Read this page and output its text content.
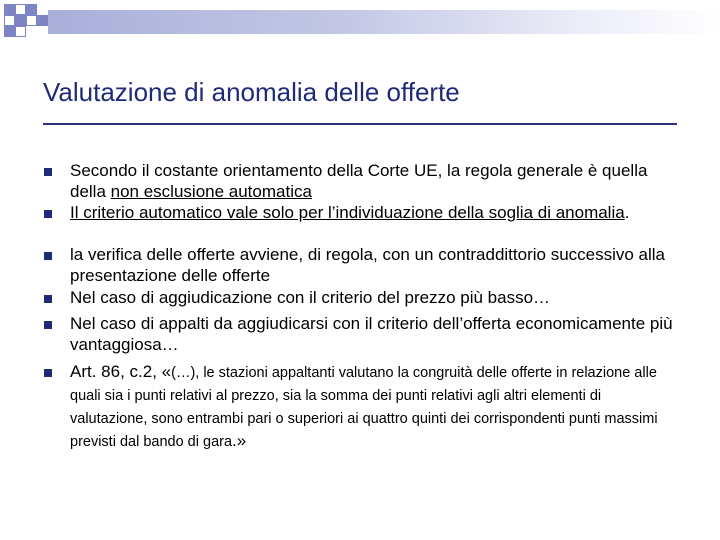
Valutazione di anomalia delle offerte
Secondo il costante orientamento della Corte UE, la regola generale è quella della non esclusione automatica
Il criterio automatico vale solo per l’individuazione della soglia di anomalia.
la verifica delle offerte avviene, di regola, con un contraddittorio successivo alla presentazione delle offerte
Nel caso di aggiudicazione con il criterio del prezzo più basso…
Nel caso di appalti da aggiudicarsi con il criterio dell’offerta economicamente più vantaggiosa…
Art. 86, c.2, «(…), le stazioni appaltanti valutano la congruità delle offerte in relazione alle quali sia i punti relativi al prezzo, sia la somma dei punti relativi agli altri elementi di valutazione, sono entrambi pari o superiori ai quattro quinti dei corrispondenti punti massimi previsti dal bando di gara.»
